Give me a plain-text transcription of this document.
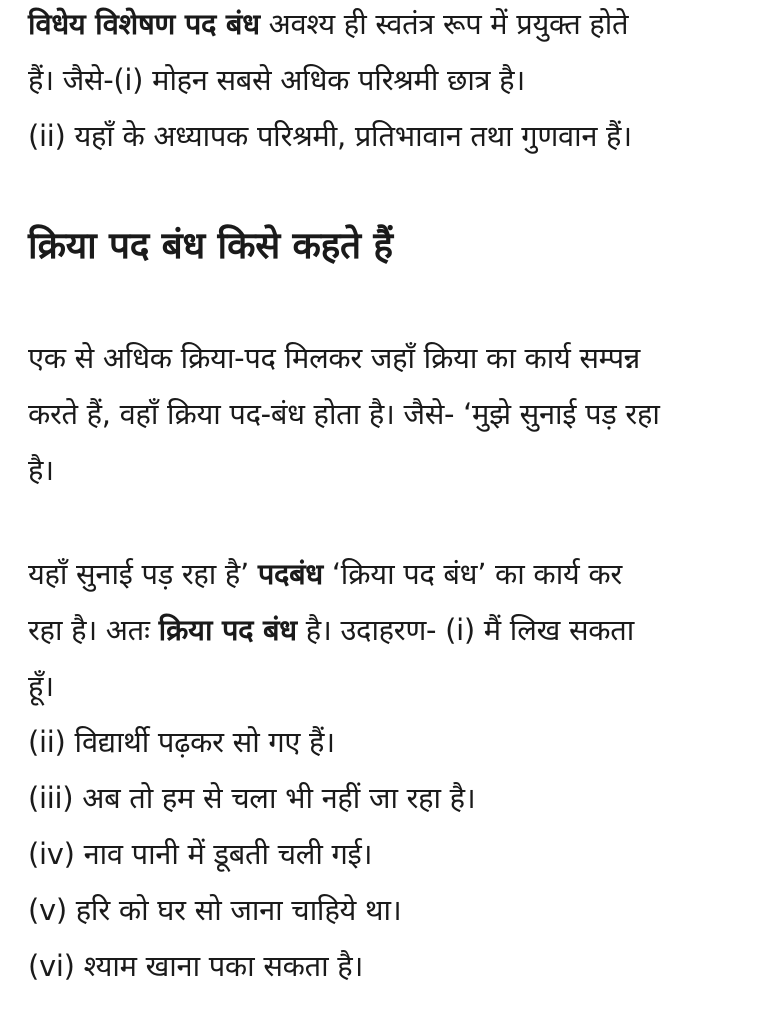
विधेय विशेषण पद बंध अवश्य ही स्वतंत्र रूप में प्रयुक्त होते
हैं। जैसे-(i) मोहन सबसे अधिक परिश्रमी छात्र है।
(ii) यहाँ के अध्यापक परिश्रमी, प्रतिभावान तथा गुणवान हैं।

क्रिया पद बंध किसे कहते हैं

एक से अधिक क्रिया-पद मिलकर जहाँ क्रिया का कार्य सम्पन्न
करते हैं, वहाँ क्रिया पद-बंध होता है। जैसे- ‘मुझे सुनाई पड़ रहा
है।

यहाँ सुनाई पड़ रहा है’ पदबंध ‘क्रिया पद बंध’ का कार्य कर
रहा है। अतः क्रिया पद बंध है। उदाहरण- (i) मैं लिख सकता
हूँ।
(ii) विद्यार्थी पढ़कर सो गए हैं।
(iii) अब तो हम से चला भी नहीं जा रहा है।
(iv) नाव पानी में डूबती चली गई।
(v) हरि को घर सो जाना चाहिये था।
(vi) श्याम खाना पका सकता है।
